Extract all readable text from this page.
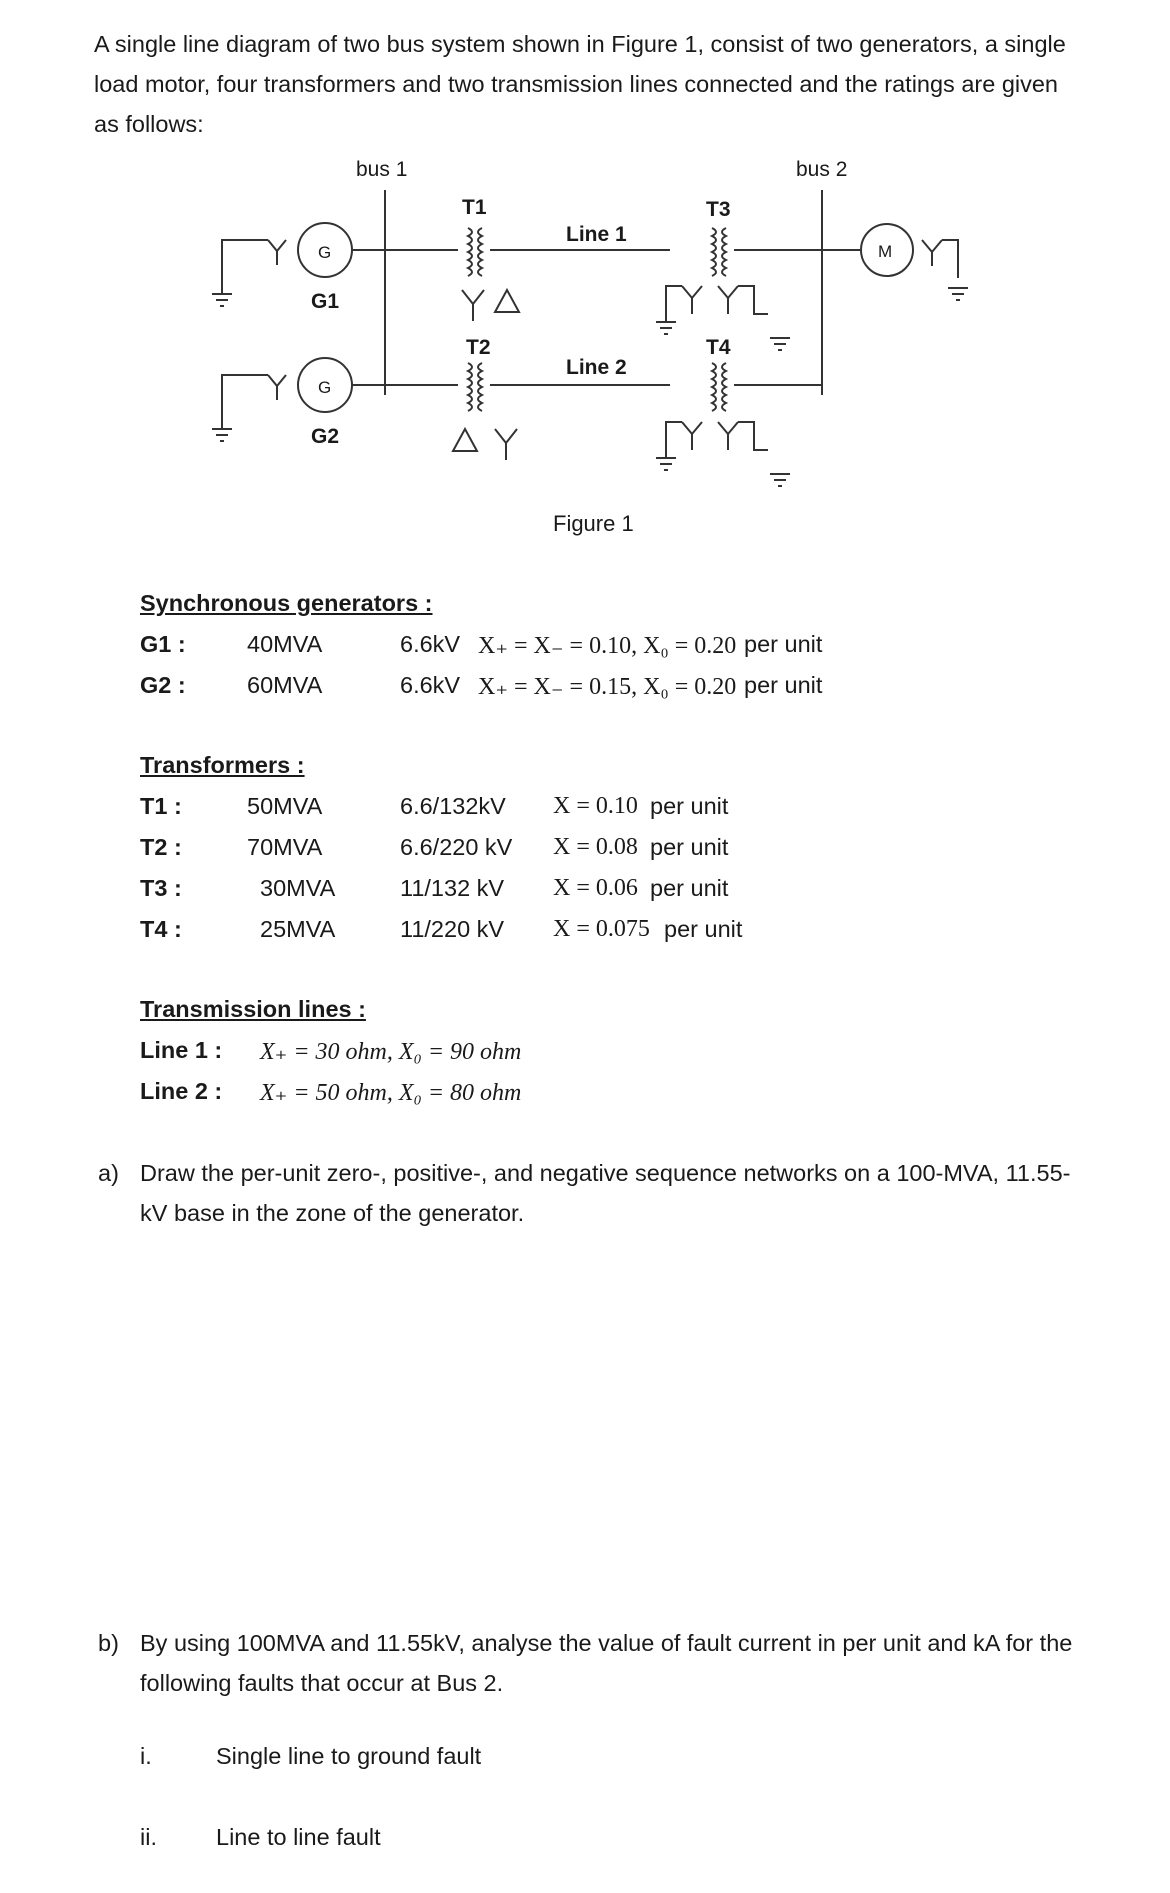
A single line diagram of two bus system shown in Figure 1, consist of two generators, a single

load motor, four transformers and two transmission lines connected and the ratings are given

as follows:

bus 1	bus 2
G
G
M
G1
G2
T1
T2
T3
T4
Line 1
Line 2
Figure 1
Synchronous generators :
G1 :	40MVA	6.6kV X₊ = X₋ = 0.10, X₀ = 0.20 per unit
G2 :	60MVA	6.6kV X₊ = X₋ = 0.15, X₀ = 0.20 per unit
Transformers :
T1 :	50MVA	6.6/132kV X = 0.10 per unit
T2 :	70MVA	6.6/220 kV X = 0.08 per unit
T3 :	30MVA	11/132 kV X = 0.06 per unit
T4 :	25MVA	11/220 kV X = 0.075 per unit
Transmission lines :
Line 1 : X₊ = 30 ohm, X₀ = 90 ohm
Line 2 : X₊ = 50 ohm, X₀ = 80 ohm
a) Draw the per-unit zero-, positive-, and negative sequence networks on a 100-MVA, 11.55-kV base in the zone of the generator.
b) By using 100MVA and 11.55kV, analyse the value of fault current in per unit and kA for the following faults that occur at Bus 2.
i.	Single line to ground fault
ii.	Line to line fault
